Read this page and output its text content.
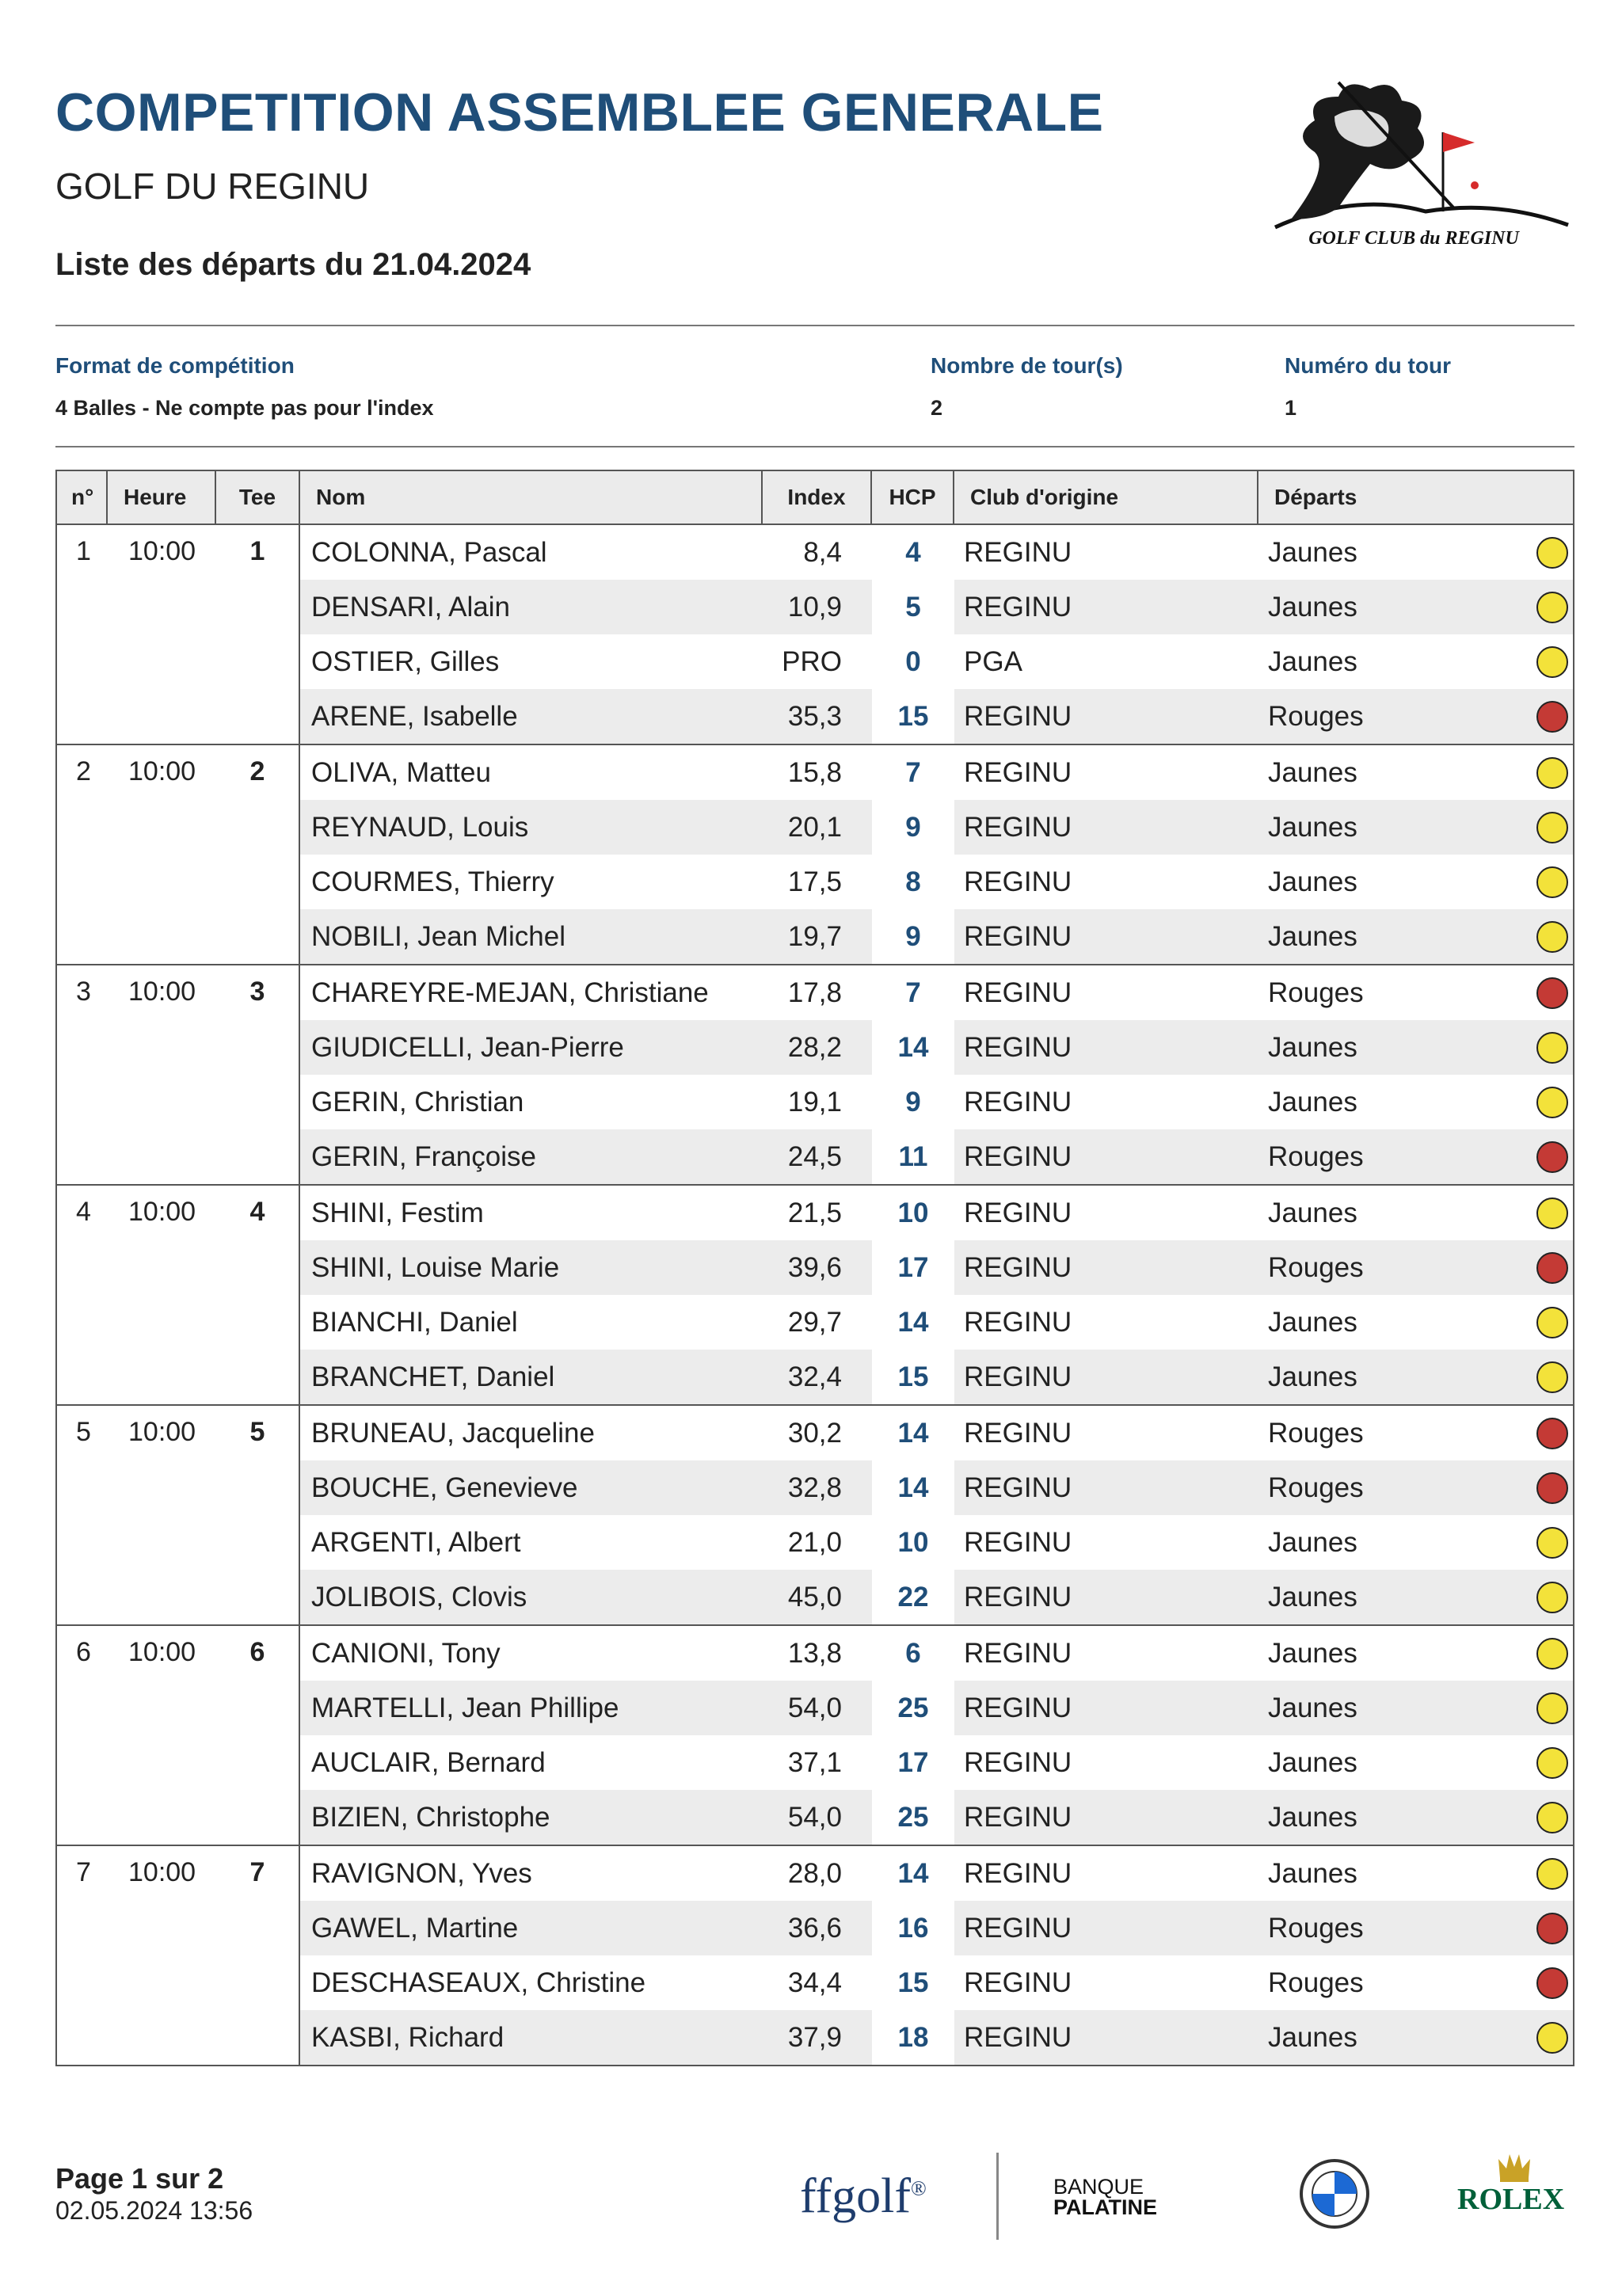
COMPETITION ASSEMBLEE GENERALE
GOLF DU REGINU
Liste des départs du 21.04.2024
GOLF CLUB du REGINU
Format de compétition
4 Balles - Ne compte pas pour l'index
Nombre de tour(s)
2
Numéro du tour
1
n°	Heure	Tee	Nom	Index	HCP	Club d'origine	Départs
1	10:00	1	COLONNA, Pascal	8,4	4	REGINU	Jaunes
DENSARI, Alain	10,9	5	REGINU	Jaunes
OSTIER, Gilles	PRO	0	PGA	Jaunes
ARENE, Isabelle	35,3	15	REGINU	Rouges
2	10:00	2	OLIVA, Matteu	15,8	7	REGINU	Jaunes
REYNAUD, Louis	20,1	9	REGINU	Jaunes
COURMES, Thierry	17,5	8	REGINU	Jaunes
NOBILI, Jean Michel	19,7	9	REGINU	Jaunes
3	10:00	3	CHAREYRE-MEJAN, Christiane	17,8	7	REGINU	Rouges
GIUDICELLI, Jean-Pierre	28,2	14	REGINU	Jaunes
GERIN, Christian	19,1	9	REGINU	Jaunes
GERIN, Françoise	24,5	11	REGINU	Rouges
4	10:00	4	SHINI, Festim	21,5	10	REGINU	Jaunes
SHINI, Louise Marie	39,6	17	REGINU	Rouges
BIANCHI, Daniel	29,7	14	REGINU	Jaunes
BRANCHET, Daniel	32,4	15	REGINU	Jaunes
5	10:00	5	BRUNEAU, Jacqueline	30,2	14	REGINU	Rouges
BOUCHE, Genevieve	32,8	14	REGINU	Rouges
ARGENTI, Albert	21,0	10	REGINU	Jaunes
JOLIBOIS, Clovis	45,0	22	REGINU	Jaunes
6	10:00	6	CANIONI, Tony	13,8	6	REGINU	Jaunes
MARTELLI, Jean Phillipe	54,0	25	REGINU	Jaunes
AUCLAIR, Bernard	37,1	17	REGINU	Jaunes
BIZIEN, Christophe	54,0	25	REGINU	Jaunes
7	10:00	7	RAVIGNON, Yves	28,0	14	REGINU	Jaunes
GAWEL, Martine	36,6	16	REGINU	Rouges
DESCHASEAUX, Christine	34,4	15	REGINU	Rouges
KASBI, Richard	37,9	18	REGINU	Jaunes
Page 1 sur 2
02.05.2024 13:56	ffgolf®	BANQUE
PALATINE	ROLEX
